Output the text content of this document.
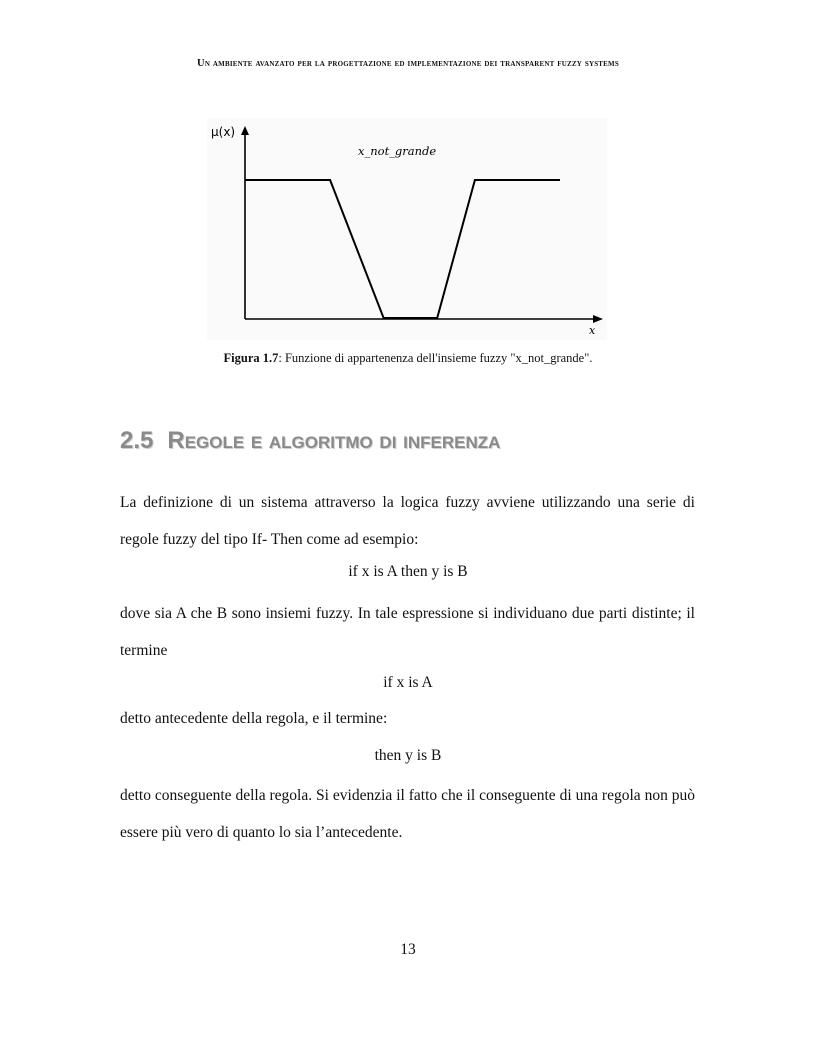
Un ambiente avanzato per la progettazione ed implementazione dei transparent fuzzy systems
μ(x)
x
x_not_grande
Figura 1.7: Funzione di appartenenza dell'insieme fuzzy "x_not_grande".
2.5 Regole e algoritmo di inferenza
La definizione di un sistema attraverso la logica fuzzy avviene utilizzando una serie di regole fuzzy del tipo If- Then come ad esempio:
if x is A then y is B
dove sia A che B sono insiemi fuzzy. In tale espressione si individuano due parti distinte; il termine
if x is A
detto antecedente della regola, e il termine:
then y is B
detto conseguente della regola. Si evidenzia il fatto che il conseguente di una regola non può essere più vero di quanto lo sia l’antecedente.
13
